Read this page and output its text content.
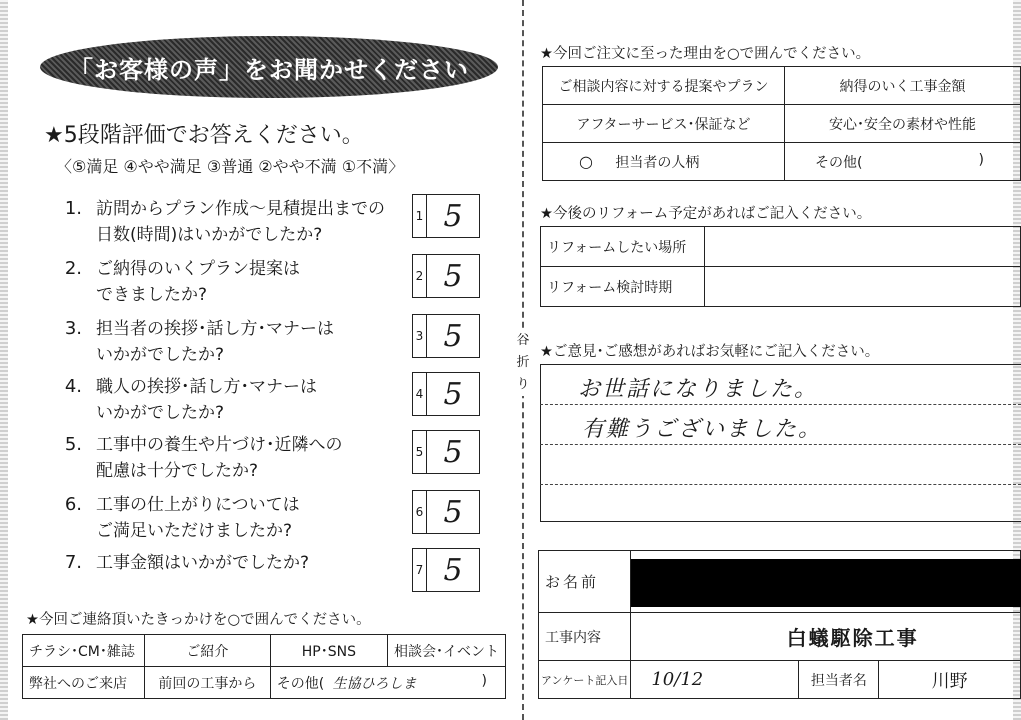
谷折り
「お客様の声」をお聞かせください
★5段階評価でお答えください。
〈⑤満足 ④やや満足 ③普通 ②やや不満 ①不満〉
1. 訪問からプラン作成〜見積提出までの
日数(時間)はいかがでしたか?
1 5
2. ご納得のいくプラン提案は
できましたか?
2 5
3. 担当者の挨拶･話し方･マナーは
いかがでしたか?
3 5
4. 職人の挨拶･話し方･マナーは
いかがでしたか?
4 5
5. 工事中の養生や片づけ･近隣への
配慮は十分でしたか?
5 5
6. 工事の仕上がりについては
ご満足いただけましたか?
6 5
7. 工事金額はいかがでしたか?	7 5
★今回ご連絡頂いたきっかけを○で囲んでください。
チラシ･CM･雑誌	ご紹介	HP･SNS	相談会･イベント
弊社へのご来店	前回の工事から	その他( 生協ひろしま )	
★今回ご注文に至った理由を○で囲んでください。
ご相談内容に対する提案やプラン	納得のいく工事金額
アフターサービス･保証など	安心･安全の素材や性能
○ 担当者の人柄	その他( )
★今後のリフォーム予定があればご記入ください。
リフォームしたい場所	
リフォーム検討時期	
★ご意見･ご感想があればお気軽にご記入ください。
お世話になりました。
有難うございました。
お名前			

工事内容	白蟻駆除工事		
アンケート記入日	10/12	担当者名	川野
